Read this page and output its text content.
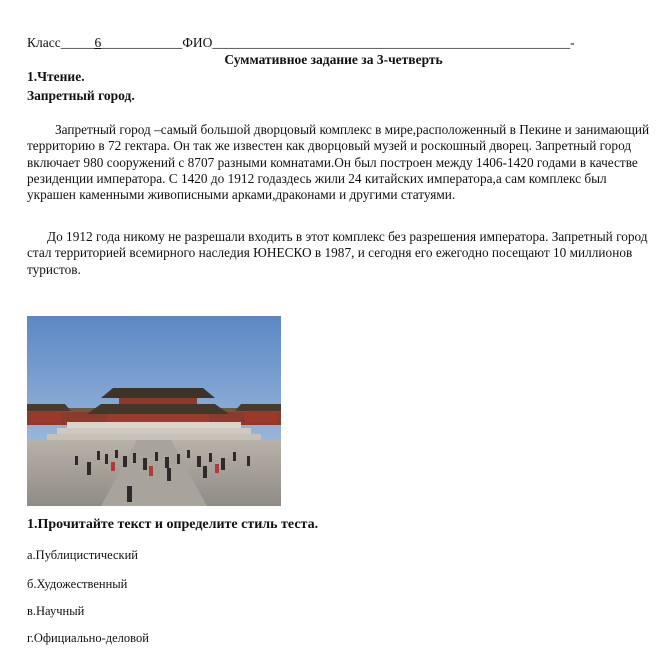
Класс_____6____________ФИО_____________________________________________________-
Суммативное задание за 3-четверть
1.Чтение.
Запретный город.
Запретный город –самый большой дворцовый комплекс в мире,расположенный в Пекине и занимающий территорию в 72 гектара. Он так же известен как дворцовый музей и роскошный дворец. Запретный город включает 980 сооружений с 8707 разными комнатами.Он был построен между 1406-1420 годами в качестве резиденции императора. С 1420 до 1912 годаздесь жили 24 китайских императора,а сам комплекс был украшен каменными живописными арками,драконами и другими статуями.
До 1912 года никому не разрешали входить в этот комплекс без разрешения императора. Запретный город стал территорией всемирного наследия ЮНЕСКО в 1987, и сегодня его ежегодно посещают 10 миллионов туристов.
1.Прочитайте текст и определите стиль теста.
а.Публицистический
б.Художественный
в.Научный
г.Официально-деловой
